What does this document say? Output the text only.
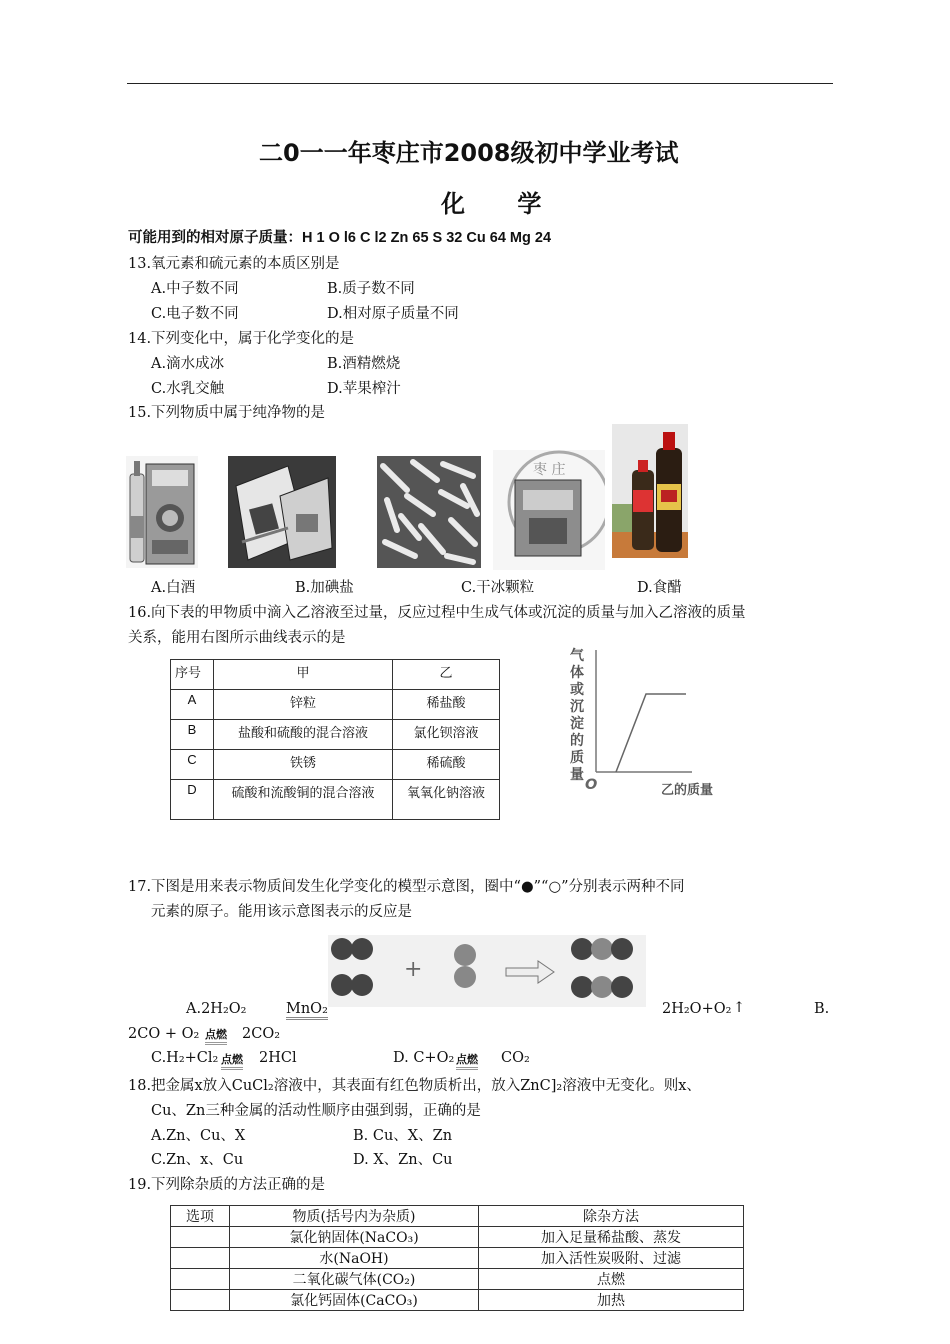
二0一一年枣庄市2008级初中学业考试
化 学
可能用到的相对原子质量：H 1 O l6 C l2 Zn 65 S 32 Cu 64 Mg 24
13.氧元素和硫元素的本质区别是
A.中子数不同	B.质子数不同
C.电子数不同	D.相对原子质量不同
14.下列变化中，属于化学变化的是
A.滴水成冰	B.酒精燃烧
C.水乳交触	D.苹果榨汁
15.下列物质中属于纯净物的是
枣 庄
A.白酒	B.加碘盐	C.干冰颗粒	D.食醋
16.向下表的甲物质中滴入乙溶液至过量，反应过程中生成气体或沉淀的质量与加入乙溶液的质量
关系，能用右图所示曲线表示的是
序号	甲	乙
A	锌粒	稀盐酸
B	盐酸和硫酸的混合溶液	氯化钡溶液
C	铁锈	稀硫酸
D	硫酸和流酸铜的混合溶液	氧氧化钠溶液
气体或沉淀的质量
O	乙的质量
17.下图是用来表示物质间发生化学变化的模型示意图，圈中“●”“○”分别表示两种不同
元素的原子。能用该示意图表示的反应是
+
A.2H₂O₂	MnO₂	2H₂O+O₂ ↑	B.
2CO + O₂ 点燃 2CO₂
C.H₂+Cl₂ 点燃 2HCl	D. C+O₂ 点燃 CO₂
18.把金属x放入CuCl₂溶液中，其表面有红色物质析出，放入ZnC]₂溶液中无变化。则x、
Cu、Zn三种金属的活动性顺序由强到弱，正确的是
A.Zn、Cu、X	B. Cu、X、Zn
C.Zn、x、Cu	D. X、Zn、Cu
19.下列除杂质的方法正确的是
选项	物质(括号内为杂质)	除杂方法
	氯化钠固体(NaCO₃)	加入足量稀盐酸、蒸发
	水(NaOH)	加入活性炭吸附、过滤
	二氧化碳气体(CO₂)	点燃
	氯化钙固体(CaCO₃)	加热
